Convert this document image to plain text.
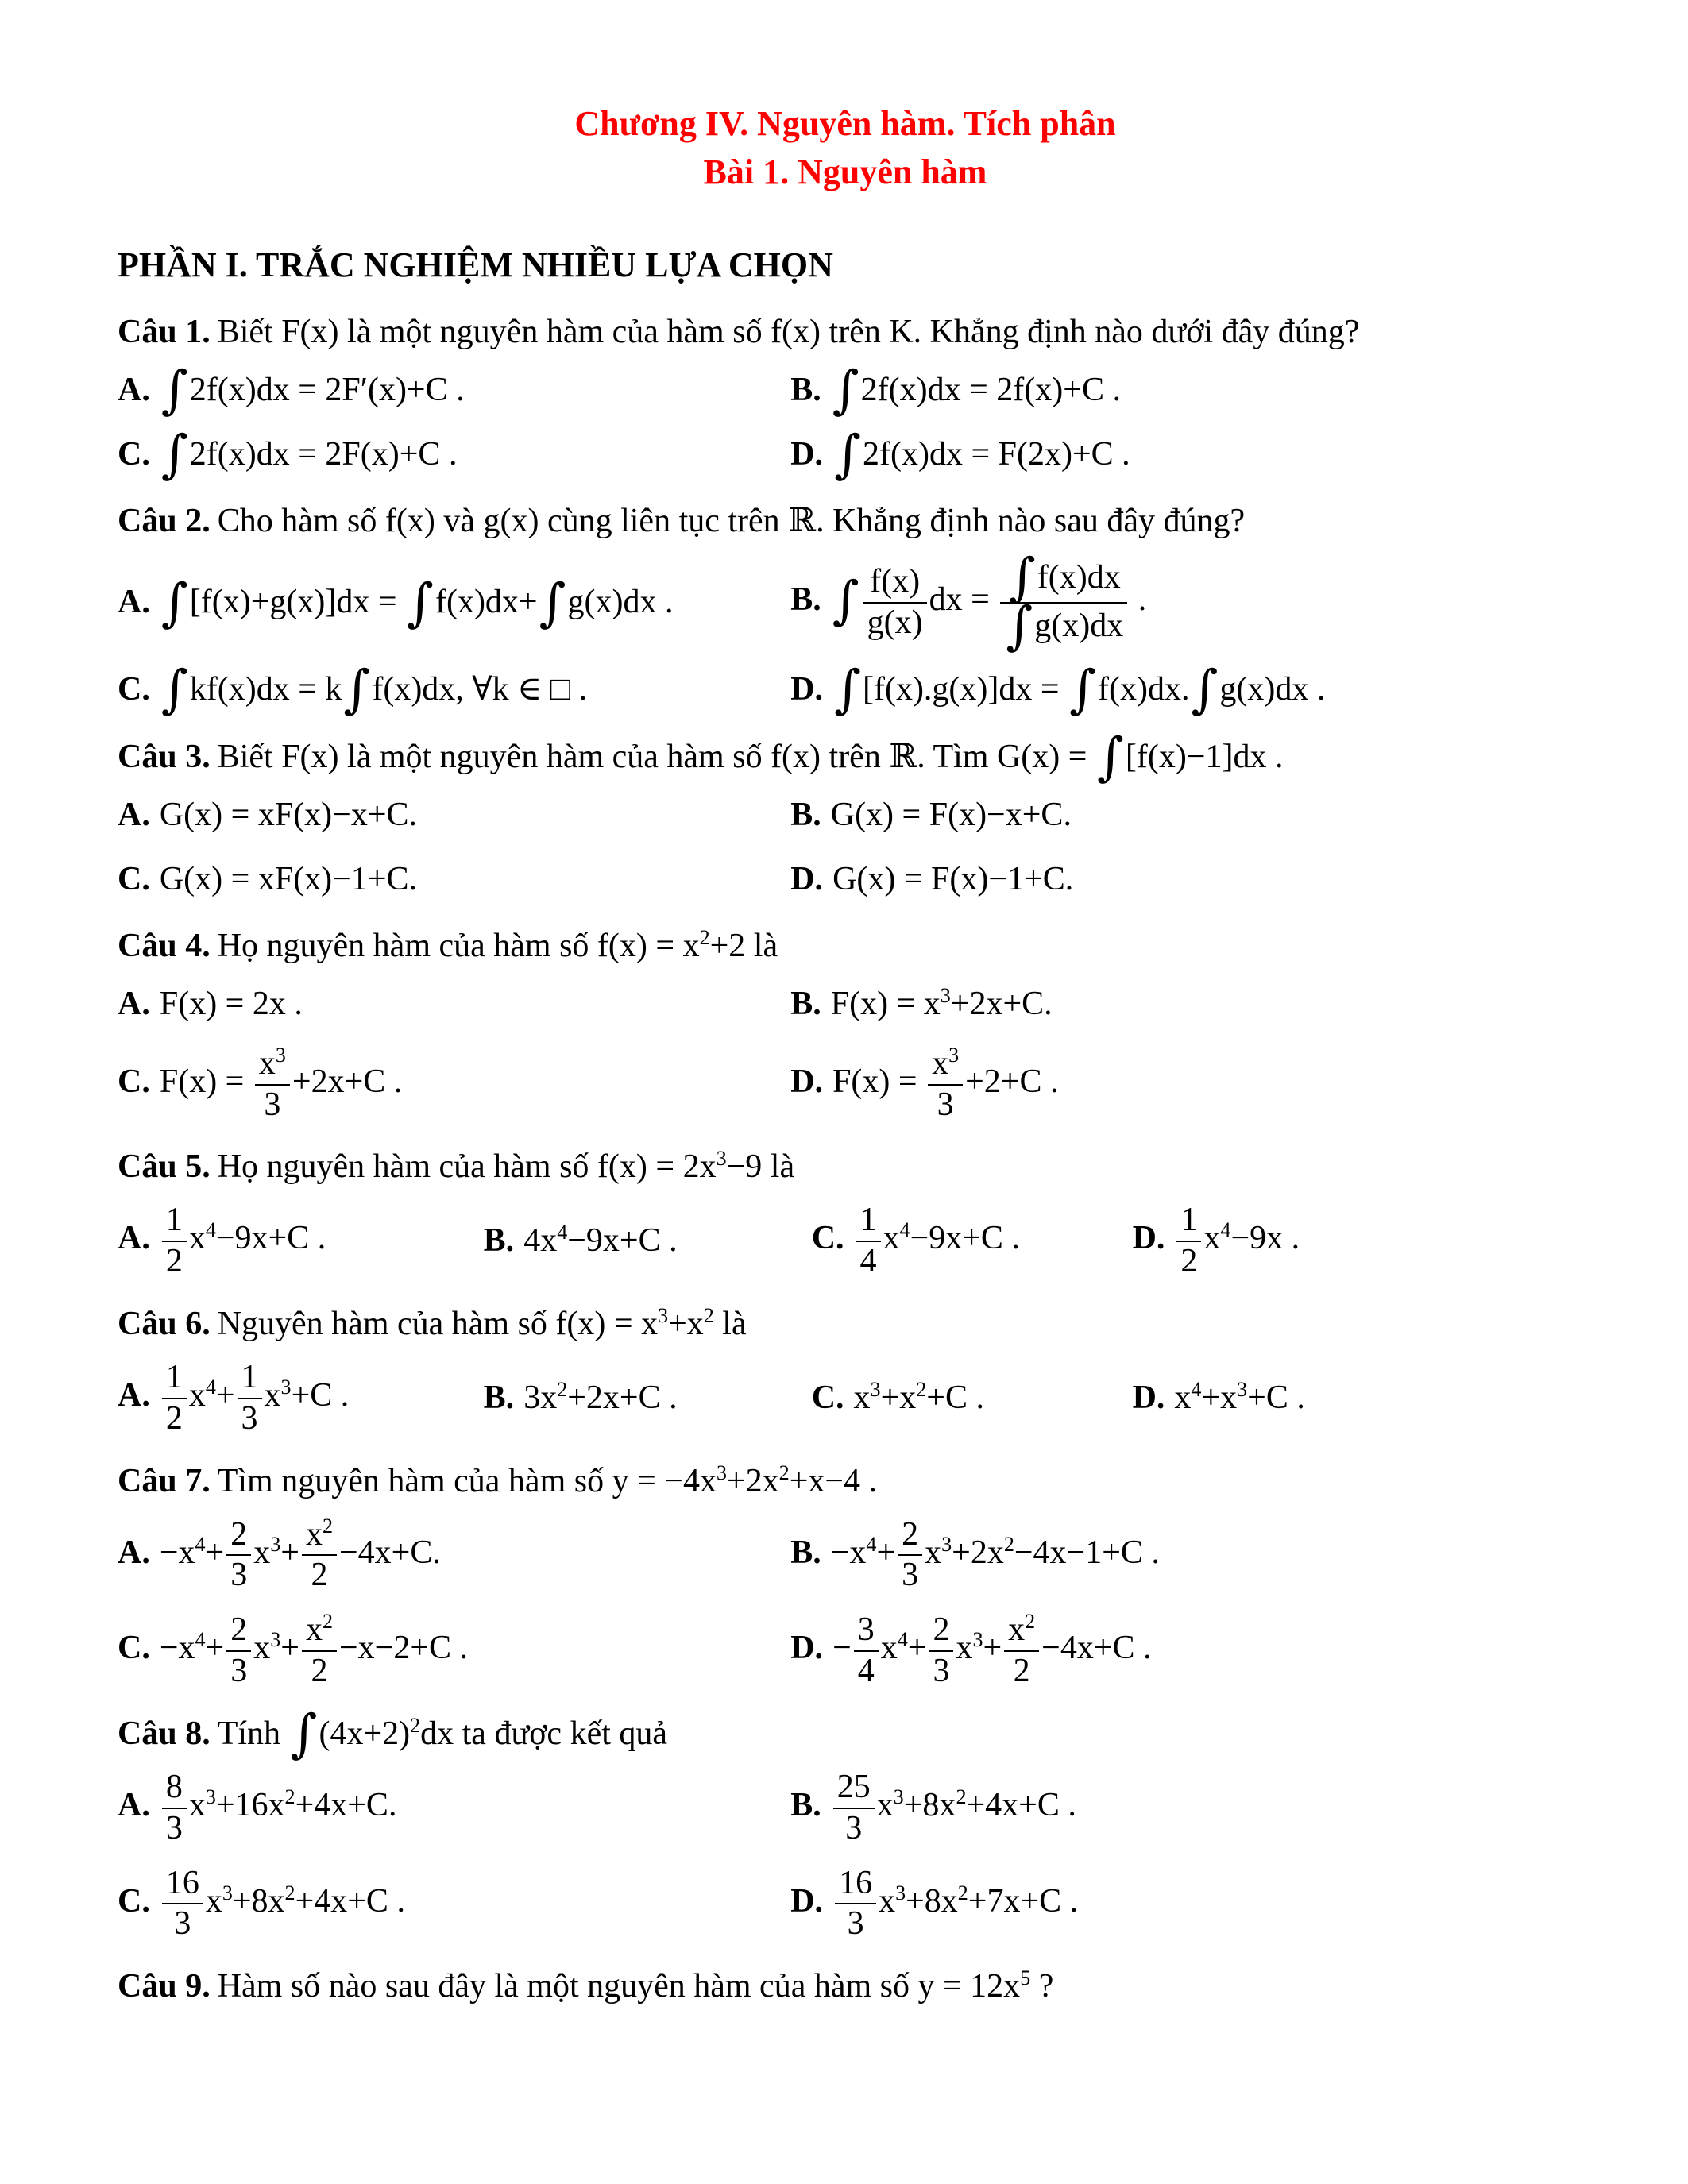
Chương IV. Nguyên hàm. Tích phân
Bài 1. Nguyên hàm
PHẦN I. TRẮC NGHIỆM NHIỀU LỰA CHỌN

Câu 1. Biết F(x) là một nguyên hàm của hàm số f(x) trên K. Khẳng định nào dưới đây đúng?

A. ∫2f(x)dx = 2F′(x)+C .	B. ∫2f(x)dx = 2f(x)+C .
C. ∫2f(x)dx = 2F(x)+C .	D. ∫2f(x)dx = F(2x)+C .

Câu 2. Cho hàm số f(x) và g(x) cùng liên tục trên ℝ. Khẳng định nào sau đây đúng?

A. ∫[f(x)+g(x)]dx = ∫f(x)dx+∫g(x)dx .	B. ∫ $\frac{f(x)}{g(x)}$ dx = $\frac{\int f(x)dx}{\int g(x)dx}$ .
C. ∫kf(x)dx = k∫f(x)dx, ∀k ∈ □ .	D. ∫[f(x).g(x)]dx = ∫f(x)dx.∫g(x)dx .

Câu 3. Biết F(x) là một nguyên hàm của hàm số f(x) trên ℝ. Tìm G(x) = ∫[f(x)−1]dx .

A. G(x) = xF(x)−x+C.	B. G(x) = F(x)−x+C.
C. G(x) = xF(x)−1+C.	D. G(x) = F(x)−1+C.

Câu 4. Họ nguyên hàm của hàm số $f(x) = x^2+2$ là

A. F(x) = 2x .	B. $F(x) = x^3+2x+C$.
C. $F(x) = \frac{x^3}{3} +2x+C$ .	D. $F(x) = \frac{x^3}{3} +2+C$ .

Câu 5. Họ nguyên hàm của hàm số $f(x) = 2x^3-9$ là

A. $\frac{1}{2} x^4-9x+C$ .	B. $4x^4-9x+C$ .	C. $\frac{1}{4} x^4-9x+C$ .	D. $\frac{1}{2} x^4-9x$ .

Câu 6. Nguyên hàm của hàm số $f(x) = x^3+x^2$ là

A. $\frac{1}{2} x^4+ \frac{1}{3} x^3+C$ .	B. $3x^2+2x+C$ .	C. $x^3+x^2+C$ .	D. $x^4+x^3+C$ .

Câu 7. Tìm nguyên hàm của hàm số $y = -4x^3+2x^2+x-4$ .

A. $-x^4+ \frac{2}{3} x^3+ \frac{x^2}{2} -4x+C$.	B. $-x^4+ \frac{2}{3} x^3+2x^2-4x-1+C$ .
C. $-x^4+ \frac{2}{3} x^3+ \frac{x^2}{2} -x-2+C$ .	D. − $\frac{3}{4} x^4+ \frac{2}{3} x^3+ \frac{x^2}{2} -4x+C$ .

Câu 8. Tính $\int(4x+2)^2dx$ ta được kết quả

A. $\frac{8}{3} x^3+16x^2+4x+C$.	B. $\frac{25}{3} x^3+8x^2+4x+C$ .
C. $\frac{16}{3} x^3+8x^2+4x+C$ .	D. $\frac{16}{3} x^3+8x^2+7x+C$ .

Câu 9. Hàm số nào sau đây là một nguyên hàm của hàm số $y = 12x^5$ ?
